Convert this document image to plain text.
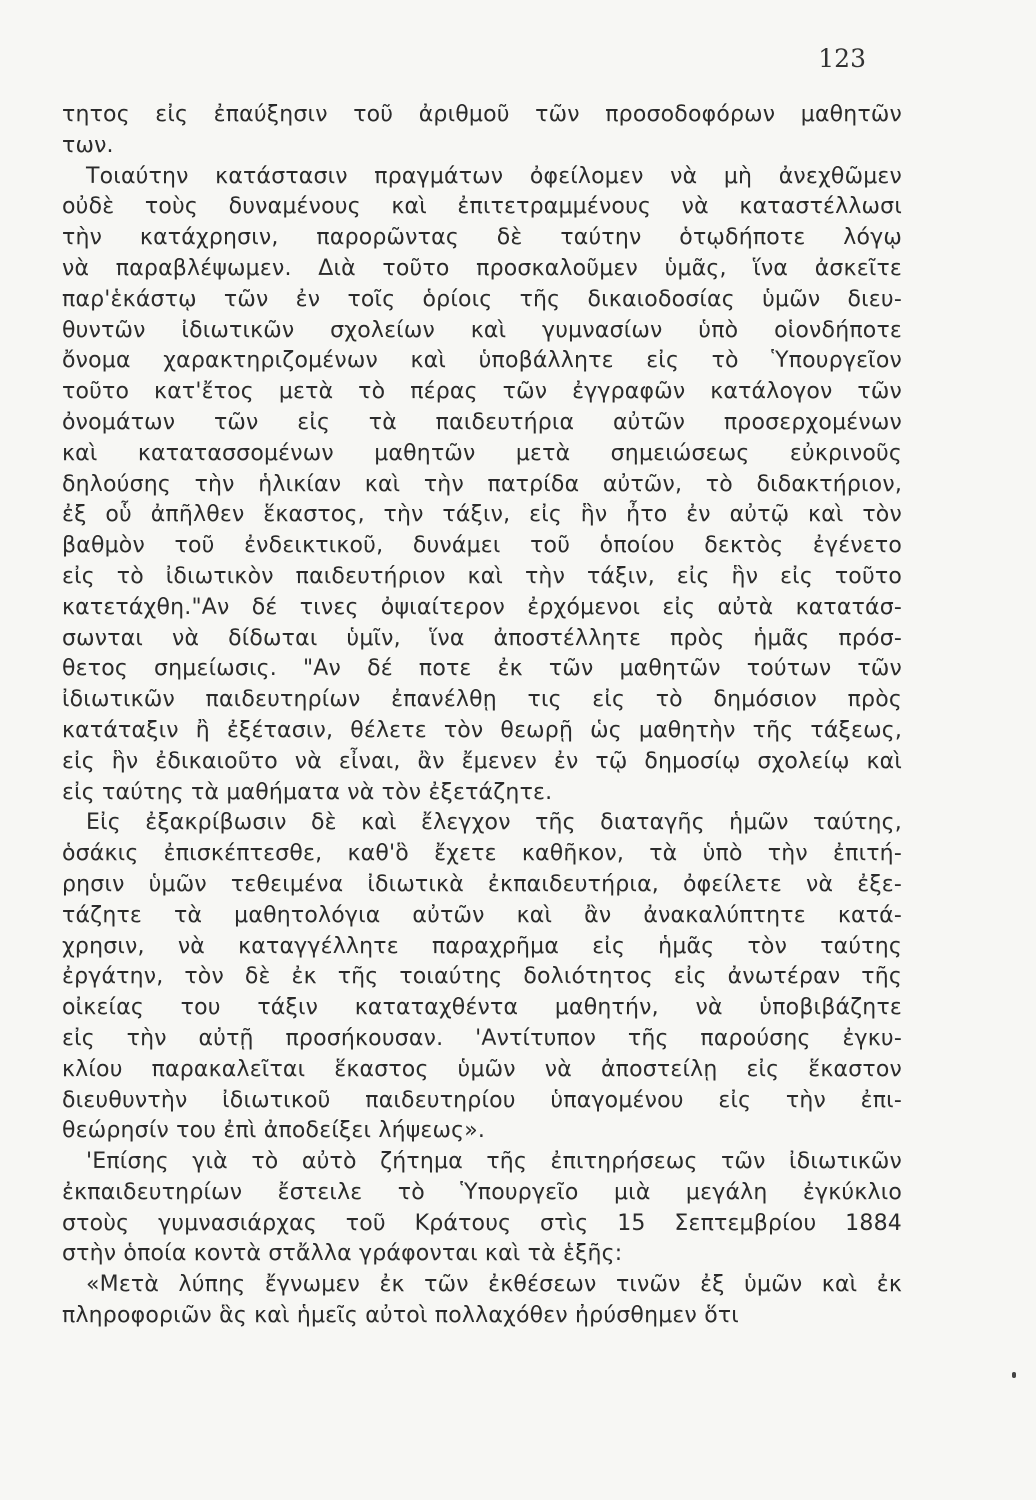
123
τητος εἰς ἐπαύξησιν τοῦ ἀριθμοῦ τῶν προσοδοφόρων μαθητῶν
των.
Τοιαύτην κατάστασιν πραγμάτων ὀφείλομεν νὰ μὴ ἀνεχθῶμεν
οὐδὲ τοὺς δυναμένους καὶ ἐπιτετραμμένους νὰ καταστέλλωσι
τὴν κατάχρησιν, παρορῶντας δὲ ταύτην ὁτῳδήποτε λόγῳ
νὰ παραβλέψωμεν. Διὰ τοῦτο προσκαλοῦμεν ὑμᾶς, ἵνα ἀσκεῖτε
παρ'ἑκάστῳ τῶν ἐν τοῖς ὁρίοις τῆς δικαιοδοσίας ὑμῶν διευ-
θυντῶν ἰδιωτικῶν σχολείων καὶ γυμνασίων ὑπὸ οἱονδήποτε
ὄνομα χαρακτηριζομένων καὶ ὑποβάλλητε εἰς τὸ Ὑπουργεῖον
τοῦτο κατ'ἔτος μετὰ τὸ πέρας τῶν ἐγγραφῶν κατάλογον τῶν
ὀνομάτων τῶν εἰς τὰ παιδευτήρια αὐτῶν προσερχομένων
καὶ κατατασσομένων μαθητῶν μετὰ σημειώσεως εὐκρινοῦς
δηλούσης τὴν ἡλικίαν καὶ τὴν πατρίδα αὐτῶν, τὸ διδακτήριον,
ἐξ οὗ ἀπῆλθεν ἕκαστος, τὴν τάξιν, εἰς ἣν ἦτο ἐν αὐτῷ καὶ τὸν
βαθμὸν τοῦ ἐνδεικτικοῦ, δυνάμει τοῦ ὁποίου δεκτὸς ἐγένετο
εἰς τὸ ἰδιωτικὸν παιδευτήριον καὶ τὴν τάξιν, εἰς ἣν εἰς τοῦτο
κατετάχθη."Αν δέ τινες ὀψιαίτερον ἐρχόμενοι εἰς αὐτὰ κατατάσ-
σωνται νὰ δίδωται ὑμῖν, ἵνα ἀποστέλλητε πρὸς ἡμᾶς πρόσ-
θετος σημείωσις. "Αν δέ ποτε ἐκ τῶν μαθητῶν τούτων τῶν
ἰδιωτικῶν παιδευτηρίων ἐπανέλθῃ τις εἰς τὸ δημόσιον πρὸς
κατάταξιν ἢ ἐξέτασιν, θέλετε τὸν θεωρῇ ὡς μαθητὴν τῆς τάξεως,
εἰς ἣν ἐδικαιοῦτο νὰ εἶναι, ἂν ἔμενεν ἐν τῷ δημοσίῳ σχολείῳ καὶ
εἰς ταύτης τὰ μαθήματα νὰ τὸν ἐξετάζητε.
Εἰς ἐξακρίβωσιν δὲ καὶ ἔλεγχον τῆς διαταγῆς ἡμῶν ταύτης,
ὁσάκις ἐπισκέπτεσθε, καθ'ὃ ἔχετε καθῆκον, τὰ ὑπὸ τὴν ἐπιτή-
ρησιν ὑμῶν τεθειμένα ἰδιωτικὰ ἐκπαιδευτήρια, ὀφείλετε νὰ ἐξε-
τάζητε τὰ μαθητολόγια αὐτῶν καὶ ἂν ἀνακαλύπτητε κατά-
χρησιν, νὰ καταγγέλλητε παραχρῆμα εἰς ἡμᾶς τὸν ταύτης
ἐργάτην, τὸν δὲ ἐκ τῆς τοιαύτης δολιότητος εἰς ἀνωτέραν τῆς
οἰκείας του τάξιν καταταχθέντα μαθητήν, νὰ ὑποβιβάζητε
εἰς τὴν αὐτῇ προσήκουσαν. 'Αντίτυπον τῆς παρούσης ἐγκυ-
κλίου παρακαλεῖται ἕκαστος ὑμῶν νὰ ἀποστείλῃ εἰς ἕκαστον
διευθυντὴν ἰδιωτικοῦ παιδευτηρίου ὑπαγομένου εἰς τὴν ἐπι-
θεώρησίν του ἐπὶ ἀποδείξει λήψεως».
'Επίσης γιὰ τὸ αὐτὸ ζήτημα τῆς ἐπιτηρήσεως τῶν ἰδιωτικῶν
ἐκπαιδευτηρίων ἔστειλε τὸ Ὑπουργεῖο μιὰ μεγάλη ἐγκύκλιο
στοὺς γυμνασιάρχας τοῦ Κράτους στὶς 15 Σεπτεμβρίου 1884
στὴν ὁποία κοντὰ στἄλλα γράφονται καὶ τὰ ἑξῆς:
«Μετὰ λύπης ἔγνωμεν ἐκ τῶν ἐκθέσεων τινῶν ἐξ ὑμῶν καὶ ἐκ
πληροφοριῶν ἃς καὶ ἡμεῖς αὐτοὶ πολλαχόθεν ἠρύσθημεν ὅτι
